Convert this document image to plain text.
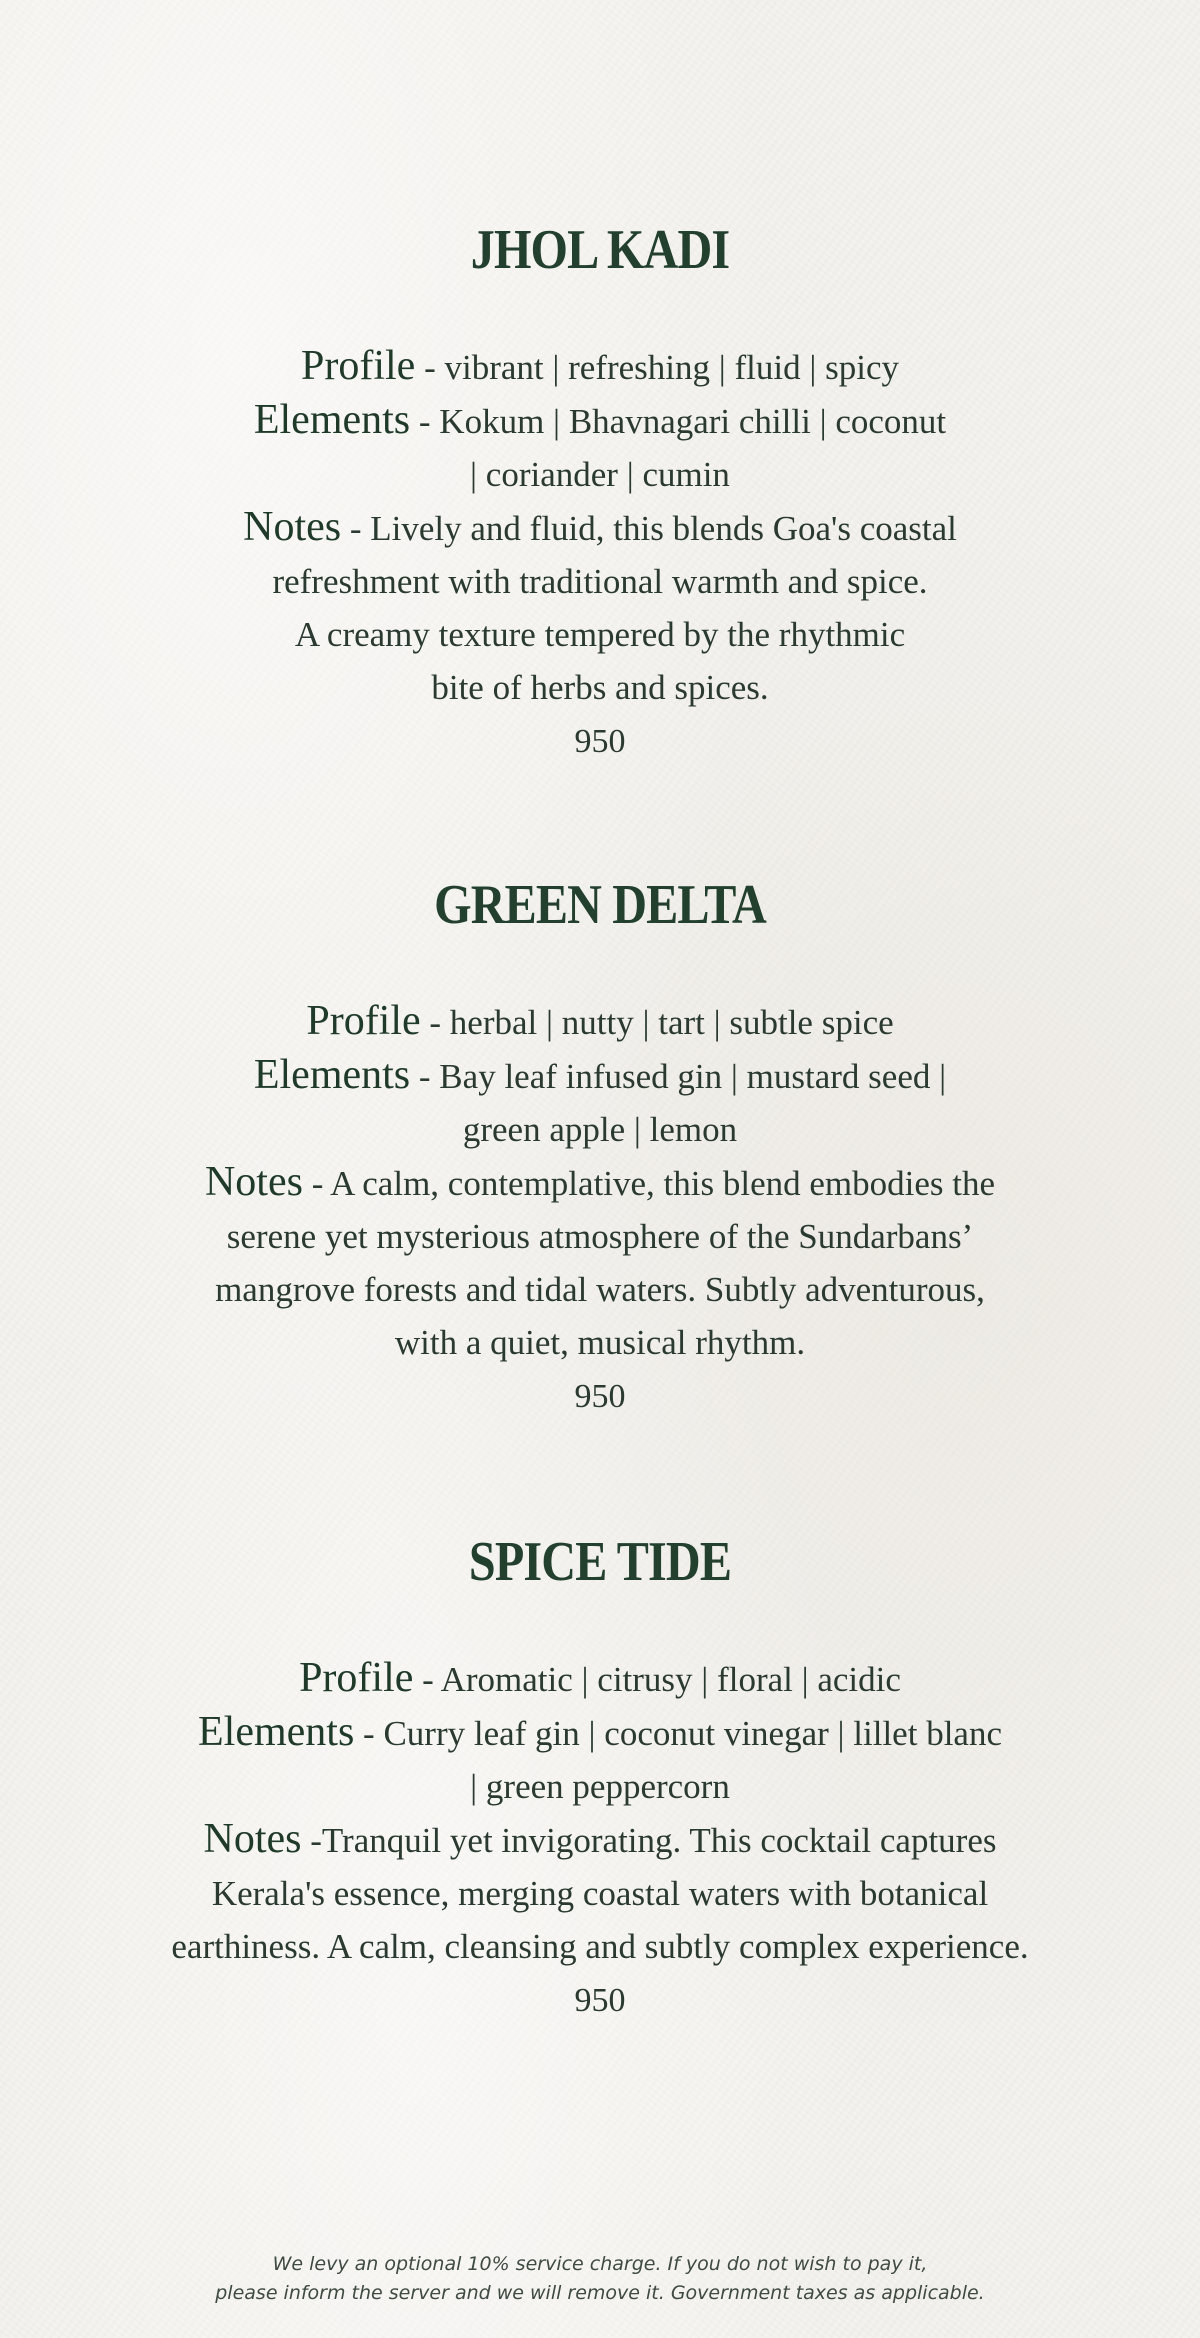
JHOL KADI
Profile - vibrant | refreshing | fluid | spicy
Elements - Kokum | Bhavnagari chilli | coconut
| coriander | cumin
Notes - Lively and fluid, this blends Goa's coastal
refreshment with traditional warmth and spice.
A creamy texture tempered by the rhythmic
bite of herbs and spices.
950
GREEN DELTA
Profile - herbal | nutty | tart | subtle spice
Elements - Bay leaf infused gin | mustard seed |
green apple | lemon
Notes - A calm, contemplative, this blend embodies the
serene yet mysterious atmosphere of the Sundarbans’
mangrove forests and tidal waters. Subtly adventurous,
with a quiet, musical rhythm.
950
SPICE TIDE
Profile - Aromatic | citrusy | floral | acidic
Elements - Curry leaf gin | coconut vinegar | lillet blanc
| green peppercorn
Notes -Tranquil yet invigorating. This cocktail captures
Kerala's essence, merging coastal waters with botanical
earthiness. A calm, cleansing and subtly complex experience.
950
We levy an optional 10% service charge. If you do not wish to pay it,
please inform the server and we will remove it. Government taxes as applicable.
